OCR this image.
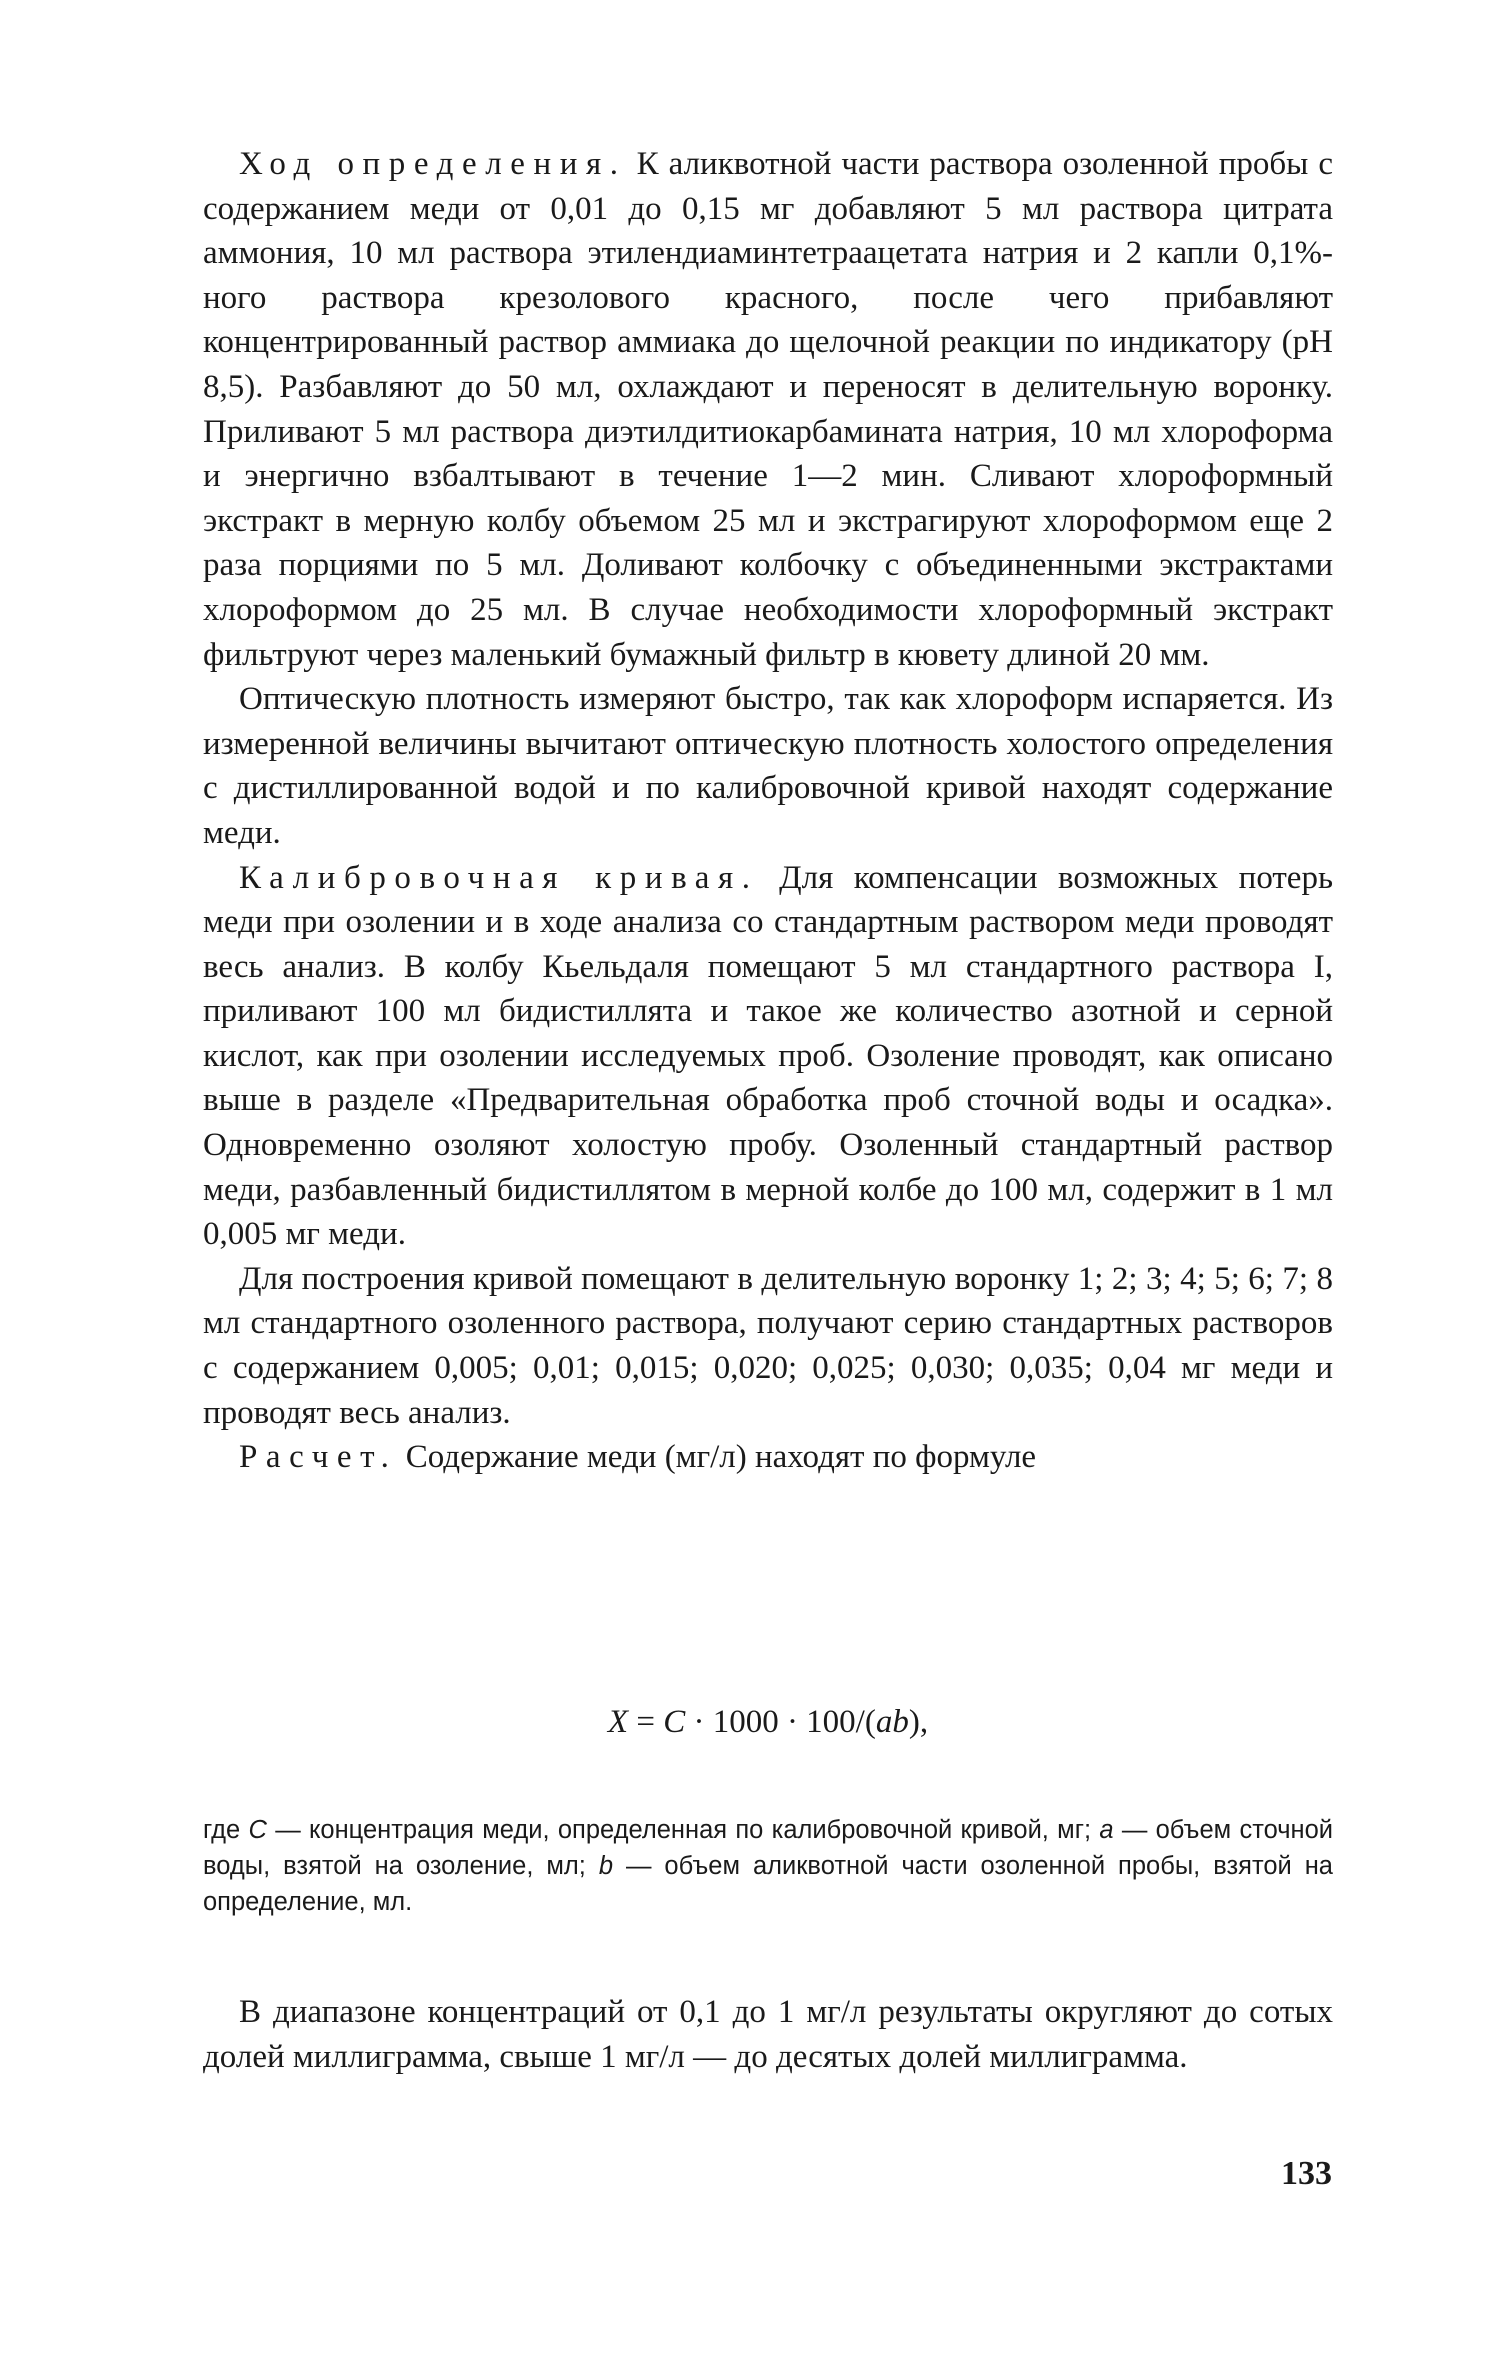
Ход определения. К аликвотной части раствора озоленной пробы с содержанием меди от 0,01 до 0,15 мг добавляют 5 мл раствора цитрата аммония, 10 мл раствора этилендиаминтетраацетата натрия и 2 капли 0,1%-ного раствора крезолового красного, после чего прибавляют концентрированный раствор аммиака до щелочной реакции по индикатору (pH 8,5). Разбавляют до 50 мл, охлаждают и переносят в делительную воронку. Приливают 5 мл раствора диэтилдитиокарбамината натрия, 10 мл хлороформа и энергично взбалтывают в течение 1—2 мин. Сливают хлороформный экстракт в мерную колбу объемом 25 мл и экстрагируют хлороформом еще 2 раза порциями по 5 мл. Доливают колбочку с объединенными экстрактами хлороформом до 25 мл. В случае необходимости хлороформный экстракт фильтруют через маленький бумажный фильтр в кювету длиной 20 мм.

Оптическую плотность измеряют быстро, так как хлороформ испаряется. Из измеренной величины вычитают оптическую плотность холостого определения с дистиллированной водой и по калибровочной кривой находят содержание меди.

Калибровочная кривая. Для компенсации возможных потерь меди при озолении и в ходе анализа со стандартным раствором меди проводят весь анализ. В колбу Кьельдаля помещают 5 мл стандартного раствора I, приливают 100 мл бидистиллята и такое же количество азотной и серной кислот, как при озолении исследуемых проб. Озоление проводят, как описано выше в разделе «Предварительная обработка проб сточной воды и осадка». Одновременно озоляют холостую пробу. Озоленный стандартный раствор меди, разбавленный бидистиллятом в мерной колбе до 100 мл, содержит в 1 мл 0,005 мг меди.

Для построения кривой помещают в делительную воронку 1; 2; 3; 4; 5; 6; 7; 8 мл стандартного озоленного раствора, получают серию стандартных растворов с содержанием 0,005; 0,01; 0,015; 0,020; 0,025; 0,030; 0,035; 0,04 мг меди и проводят весь анализ.

Расчет. Содержание меди (мг/л) находят по формуле

X = C · 1000 · 100/(ab),

где C — концентрация меди, определенная по калибровочной кривой, мг; a — объем сточной воды, взятой на озоление, мл; b — объем аликвотной части озоленной пробы, взятой на определение, мл.

В диапазоне концентраций от 0,1 до 1 мг/л результаты округляют до сотых долей миллиграмма, свыше 1 мг/л — до десятых долей миллиграмма.

133
